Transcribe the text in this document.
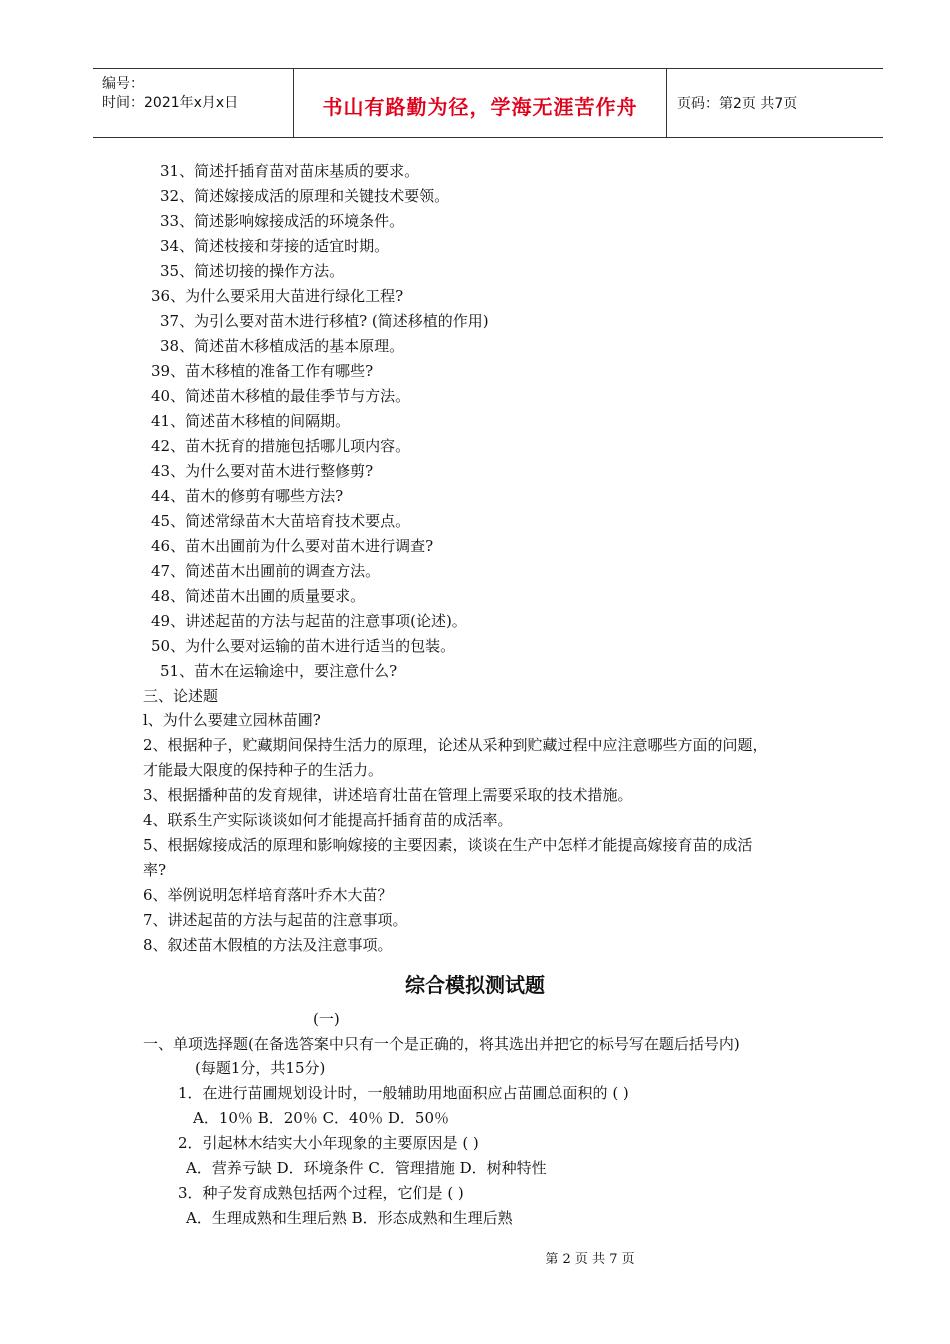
编号：
时间：2021年x月x日	书山有路勤为径，学海无涯苦作舟	页码：第2页 共7页
31、简述扦插育苗对苗床基质的要求。
32、简述嫁接成活的原理和关键技术要领。
33、简述影响嫁接成活的环境条件。
34、简述枝接和芽接的适宜时期。
35、简述切接的操作方法。
36、为什么要采用大苗进行绿化工程?
37、为引么要对苗木进行移植? (简述移植的作用)
38、简述苗木移植成活的基本原理。
39、苗木移植的准备工作有哪些?
40、简述苗木移植的最佳季节与方法。
41、简述苗木移植的间隔期。
42、苗木抚育的措施包括哪儿项内容。
43、为什么要对苗木进行整修剪?
44、苗木的修剪有哪些方法?
45、简述常绿苗木大苗培育技术要点。
46、苗木出圃前为什么要对苗木进行调查?
47、简述苗木出圃前的调查方法。
48、简述苗木出圃的质量要求。
49、讲述起苗的方法与起苗的注意事项(论述)。
50、为什么要对运输的苗木进行适当的包装。
51、苗木在运输途中，要注意什么?
三、论述题
l、为什么要建立园林苗圃?
2、根据种子，贮藏期间保持生活力的原理，论述从采种到贮藏过程中应注意哪些方面的问题，
才能最大限度的保持种子的生活力。
3、根据播种苗的发育规律，讲述培育壮苗在管理上需要采取的技术措施。
4、联系生产实际谈谈如何才能提高扦插育苗的成活率。
5、根据嫁接成活的原理和影响嫁接的主要因素，谈谈在生产中怎样才能提高嫁接育苗的成活
率?
6、举例说明怎样培育落叶乔木大苗？
7、讲述起苗的方法与起苗的注意事项。
8、叙述苗木假植的方法及注意事项。
综合模拟测试题
(一)
一、单项选择题(在备选答案中只有一个是正确的，将其选出并把它的标号写在题后括号内)
(每题1分，共15分)
1．在进行苗圃规划设计时，一般辅助用地面积应占苗圃总面积的 ( )
A．10％ B．20％ C．40％ D．50％
2．引起林木结实大小年现象的主要原因是 ( )
A．营养亏缺 D．环境条件 C．管理措施 D．树种特性
3．种子发育成熟包括两个过程，它们是 ( )
A．生理成熟和生理后熟 B．形态成熟和生理后熟
第 2 页 共 7 页
